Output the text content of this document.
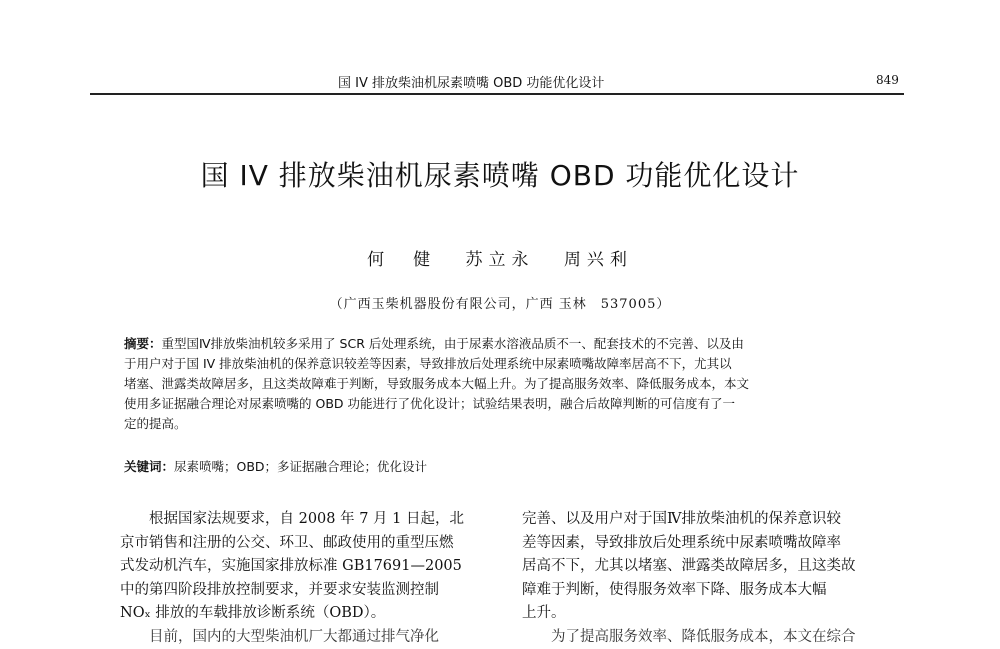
国 IV 排放柴油机尿素喷嘴 OBD 功能优化设计	849
国 IV 排放柴油机尿素喷嘴 OBD 功能优化设计
何　健 苏立永 周兴利
（广西玉柴机器股份有限公司，广西 玉林　537005）
摘要：重型国Ⅳ排放柴油机较多采用了 SCR 后处理系统，由于尿素水溶液品质不一、配套技术的不完善、以及由
于用户对于国 IV 排放柴油机的保养意识较差等因素，导致排放后处理系统中尿素喷嘴故障率居高不下，尤其以
堵塞、泄露类故障居多，且这类故障难于判断，导致服务成本大幅上升。为了提高服务效率、降低服务成本，本文
使用多证据融合理论对尿素喷嘴的 OBD 功能进行了优化设计；试验结果表明，融合后故障判断的可信度有了一
定的提高。
关键词：尿素喷嘴；OBD；多证据融合理论；优化设计
根据国家法规要求，自 2008 年 7 月 1 日起，北
京市销售和注册的公交、环卫、邮政使用的重型压燃
式发动机汽车，实施国家排放标准 GB17691—2005
中的第四阶段排放控制要求，并要求安装监测控制
NOₓ 排放的车载排放诊断系统（OBD）。
目前，国内的大型柴油机厂大都通过排气净化
完善、以及用户对于国Ⅳ排放柴油机的保养意识较
差等因素，导致排放后处理系统中尿素喷嘴故障率
居高不下，尤其以堵塞、泄露类故障居多，且这类故
障难于判断，使得服务效率下降、服务成本大幅
上升。
为了提高服务效率、降低服务成本，本文在综合
